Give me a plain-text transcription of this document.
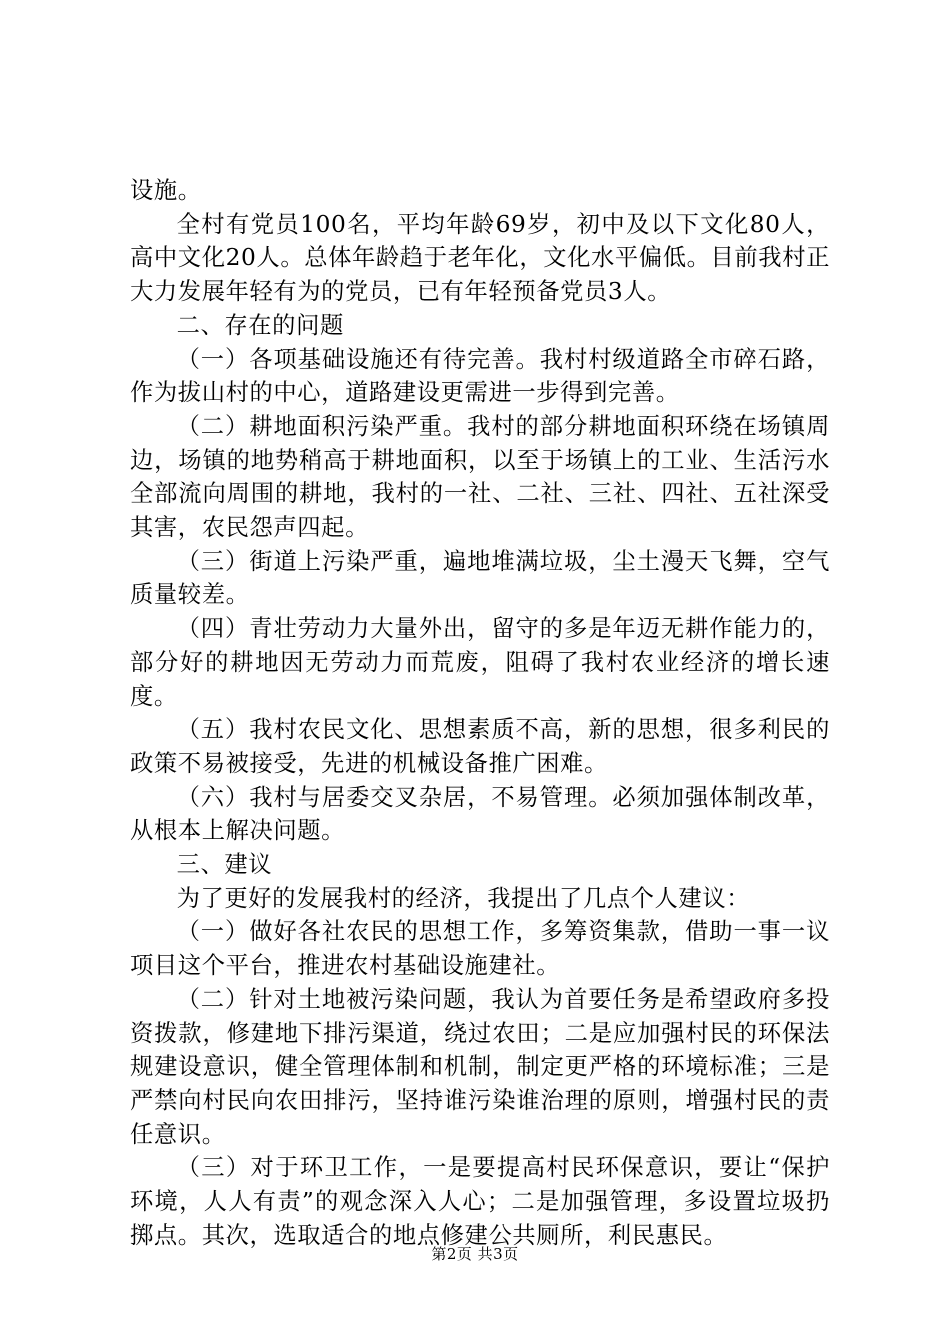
设施。

全村有党员100名，平均年龄69岁，初中及以下文化80人，高中文化20人。总体年龄趋于老年化，文化水平偏低。目前我村正大力发展年轻有为的党员，已有年轻预备党员3人。

二、存在的问题

（一）各项基础设施还有待完善。我村村级道路全市碎石路，作为拔山村的中心，道路建设更需进一步得到完善。

（二）耕地面积污染严重。我村的部分耕地面积环绕在场镇周边，场镇的地势稍高于耕地面积，以至于场镇上的工业、生活污水全部流向周围的耕地，我村的一社、二社、三社、四社、五社深受其害，农民怨声四起。

（三）街道上污染严重，遍地堆满垃圾，尘土漫天飞舞，空气质量较差。

（四）青壮劳动力大量外出，留守的多是年迈无耕作能力的，部分好的耕地因无劳动力而荒废，阻碍了我村农业经济的增长速度。

（五）我村农民文化、思想素质不高，新的思想，很多利民的政策不易被接受，先进的机械设备推广困难。

（六）我村与居委交叉杂居，不易管理。必须加强体制改革，从根本上解决问题。

三、建议

为了更好的发展我村的经济，我提出了几点个人建议：

（一）做好各社农民的思想工作，多筹资集款，借助一事一议项目这个平台，推进农村基础设施建社。

（二）针对土地被污染问题，我认为首要任务是希望政府多投资拨款，修建地下排污渠道，绕过农田；二是应加强村民的环保法规建设意识，健全管理体制和机制，制定更严格的环境标准；三是严禁向村民向农田排污，坚持谁污染谁治理的原则，增强村民的责任意识。

（三）对于环卫工作，一是要提高村民环保意识，要让“保护环境，人人有责”的观念深入人心；二是加强管理，多设置垃圾扔掷点。其次，选取适合的地点修建公共厕所，利民惠民。

第2页 共3页
